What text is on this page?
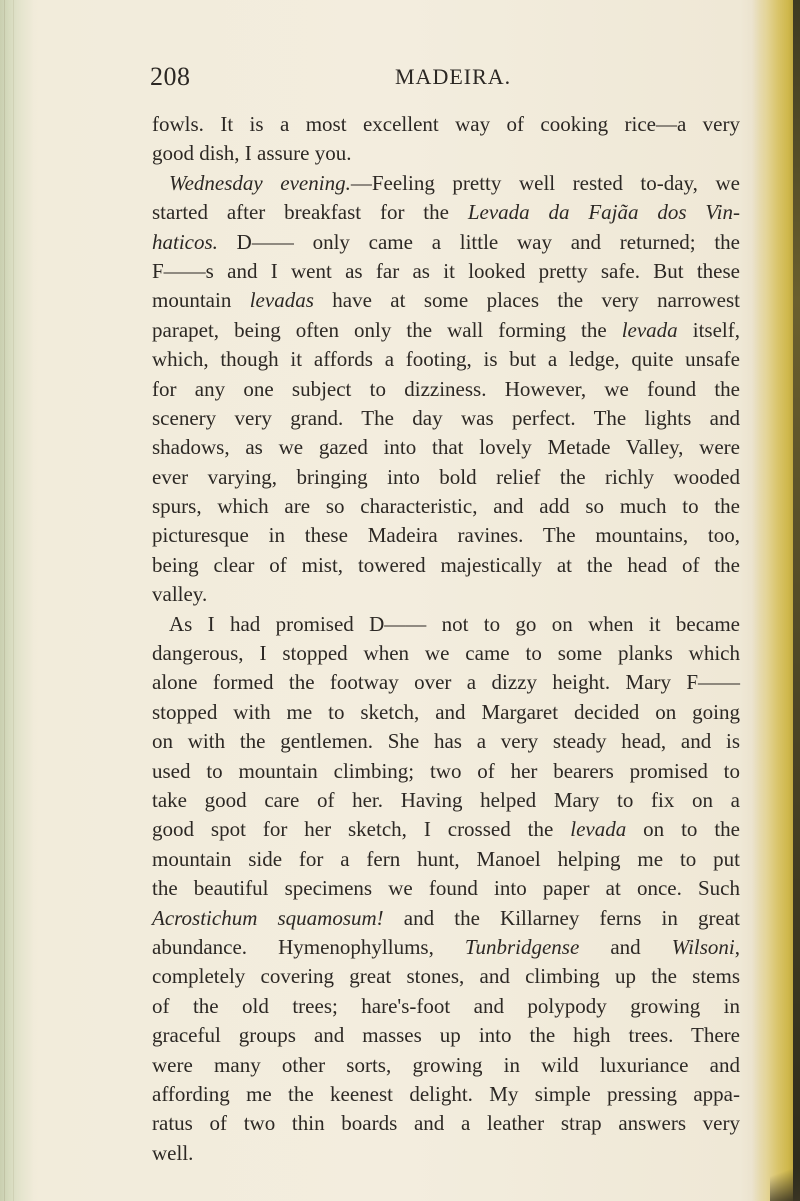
208	MADEIRA.
fowls. It is a most excellent way of cooking rice—a very
good dish, I assure you.
Wednesday evening.—Feeling pretty well rested to-day, we
started after breakfast for the Levada da Fajãa dos Vin-
haticos. D—— only came a little way and returned; the
F——s and I went as far as it looked pretty safe. But these
mountain levadas have at some places the very narrowest
parapet, being often only the wall forming the levada itself,
which, though it affords a footing, is but a ledge, quite unsafe
for any one subject to dizziness. However, we found the
scenery very grand. The day was perfect. The lights and
shadows, as we gazed into that lovely Metade Valley, were
ever varying, bringing into bold relief the richly wooded
spurs, which are so characteristic, and add so much to the
picturesque in these Madeira ravines. The mountains, too,
being clear of mist, towered majestically at the head of the
valley.
As I had promised D—— not to go on when it became
dangerous, I stopped when we came to some planks which
alone formed the footway over a dizzy height. Mary F——
stopped with me to sketch, and Margaret decided on going
on with the gentlemen. She has a very steady head, and is
used to mountain climbing; two of her bearers promised to
take good care of her. Having helped Mary to fix on a
good spot for her sketch, I crossed the levada on to the
mountain side for a fern hunt, Manoel helping me to put
the beautiful specimens we found into paper at once. Such
Acrostichum squamosum! and the Killarney ferns in great
abundance. Hymenophyllums, Tunbridgense and Wilsoni,
completely covering great stones, and climbing up the stems
of the old trees; hare's-foot and polypody growing in
graceful groups and masses up into the high trees. There
were many other sorts, growing in wild luxuriance and
affording me the keenest delight. My simple pressing appa-
ratus of two thin boards and a leather strap answers very
well.
